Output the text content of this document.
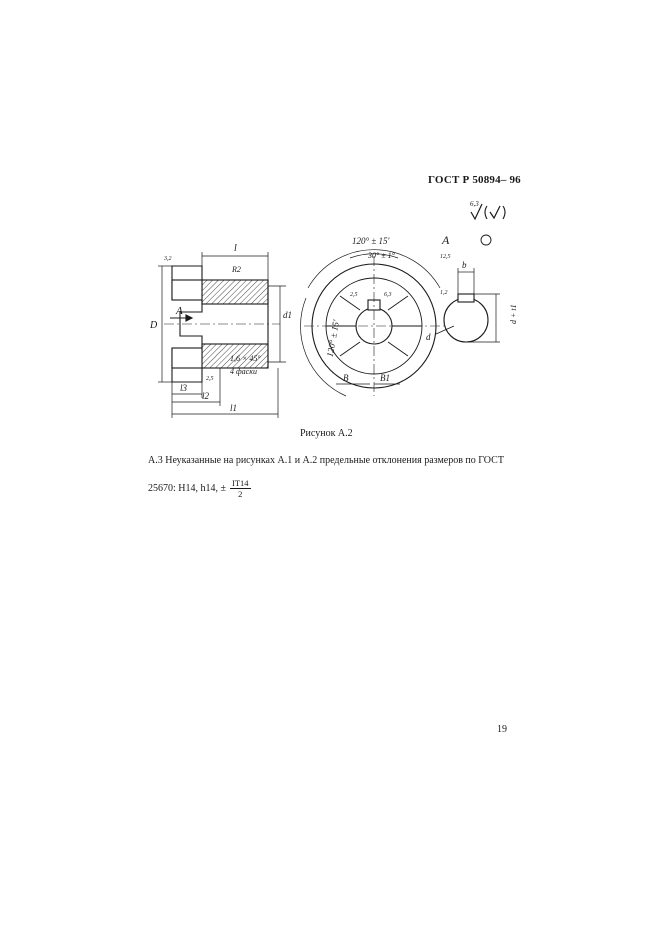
ГОСТ Р 50894– 96
6,3
А
l
D
d1
l3
l2
l1
R2
1,6 × 45°
4 фаски
3,2
2,5
120° ± 15′
30° ± 1°
120° ± 15′
B	B1
2,5	6,3
А
b
d
d + t1
12,5
1,2
Рисунок А.2
А.3 Неуказанные на рисунках А.1 и А.2 предельные отклонения размеров по ГОСТ
25670: H14, h14, ± $\frac{IT14}{2}$
19
